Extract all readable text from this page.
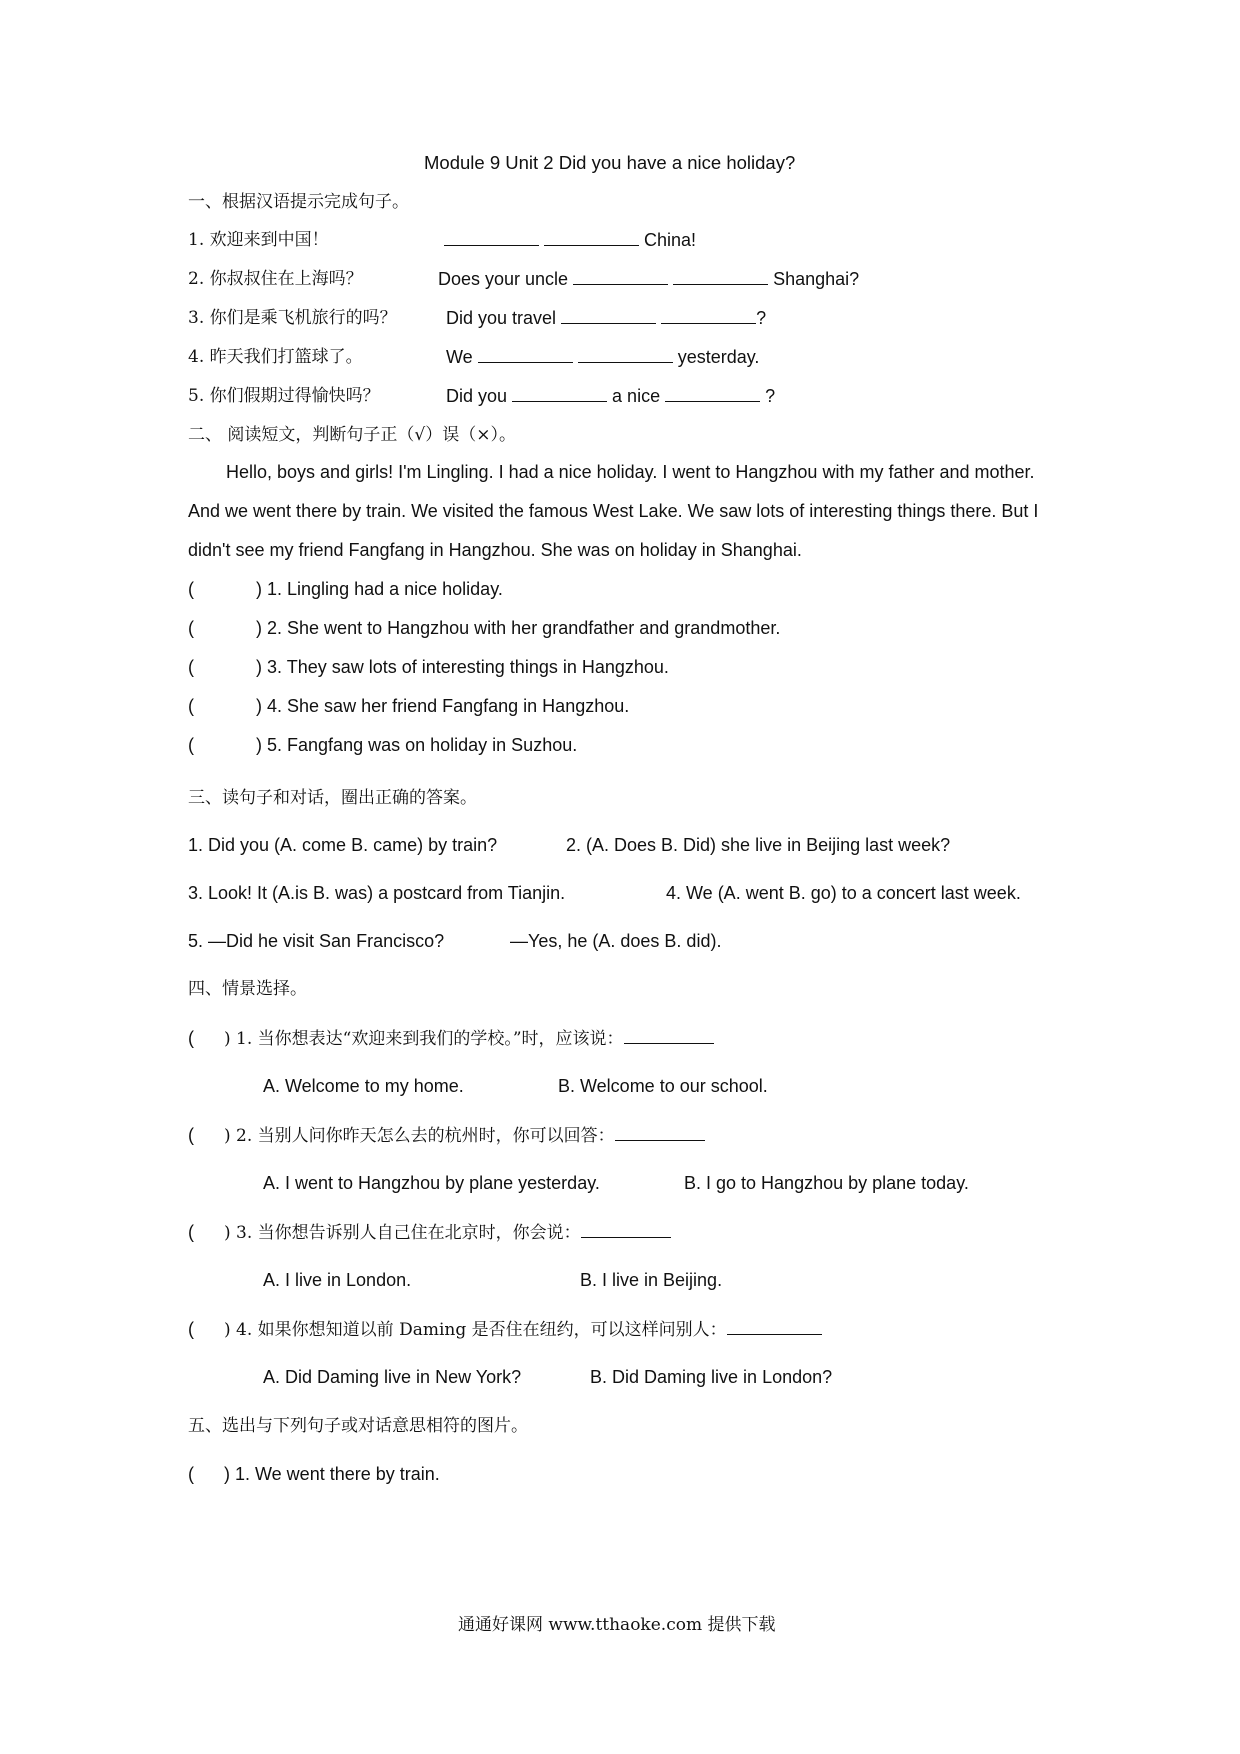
Module 9 Unit 2 Did you have a nice holiday?
一、根据汉语提示完成句子。
1. 欢迎来到中国！	China!
2. 你叔叔住在上海吗？	Does your uncle	Shanghai?
3. 你们是乘飞机旅行的吗？	Did you travel	?
4. 昨天我们打篮球了。	We	yesterday.
5. 你们假期过得愉快吗？	Did you	a nice	?
二、 阅读短文，判断句子正（√）误（×）。
Hello, boys and girls! I'm Lingling. I had a nice holiday. I went to Hangzhou with my father and mother. And we went there by train. We visited the famous West Lake. We saw lots of interesting things there. But I didn't see my friend Fangfang in Hangzhou. She was on holiday in Shanghai.
(	) 1. Lingling had a nice holiday.
(	) 2. She went to Hangzhou with her grandfather and grandmother.
(	) 3. They saw lots of interesting things in Hangzhou.
(	) 4. She saw her friend Fangfang in Hangzhou.
(	) 5. Fangfang was on holiday in Suzhou.
三、读句子和对话，圈出正确的答案。
1. Did you (A. come B. came) by train?	2. (A. Does B. Did) she live in Beijing last week?
3. Look! It (A.is B. was) a postcard from Tianjin.	4. We (A. went B. go) to a concert last week.
5. —Did he visit San Francisco?	—Yes, he (A. does B. did).
四、情景选择。
( ) 1. 当你想表达“欢迎来到我们的学校。”时，应该说：
A. Welcome to my home.	B. Welcome to our school.
( ) 2. 当别人问你昨天怎么去的杭州时，你可以回答：
A. I went to Hangzhou by plane yesterday.	B. I go to Hangzhou by plane today.
( ) 3. 当你想告诉别人自己住在北京时，你会说：
A. I live in London.	B. I live in Beijing.
( ) 4. 如果你想知道以前 Daming 是否住在纽约，可以这样问别人：
A. Did Daming live in New York?	B. Did Daming live in London?
五、选出与下列句子或对话意思相符的图片。
( ) 1. We went there by train.
通通好课网 www.tthaoke.com 提供下载
